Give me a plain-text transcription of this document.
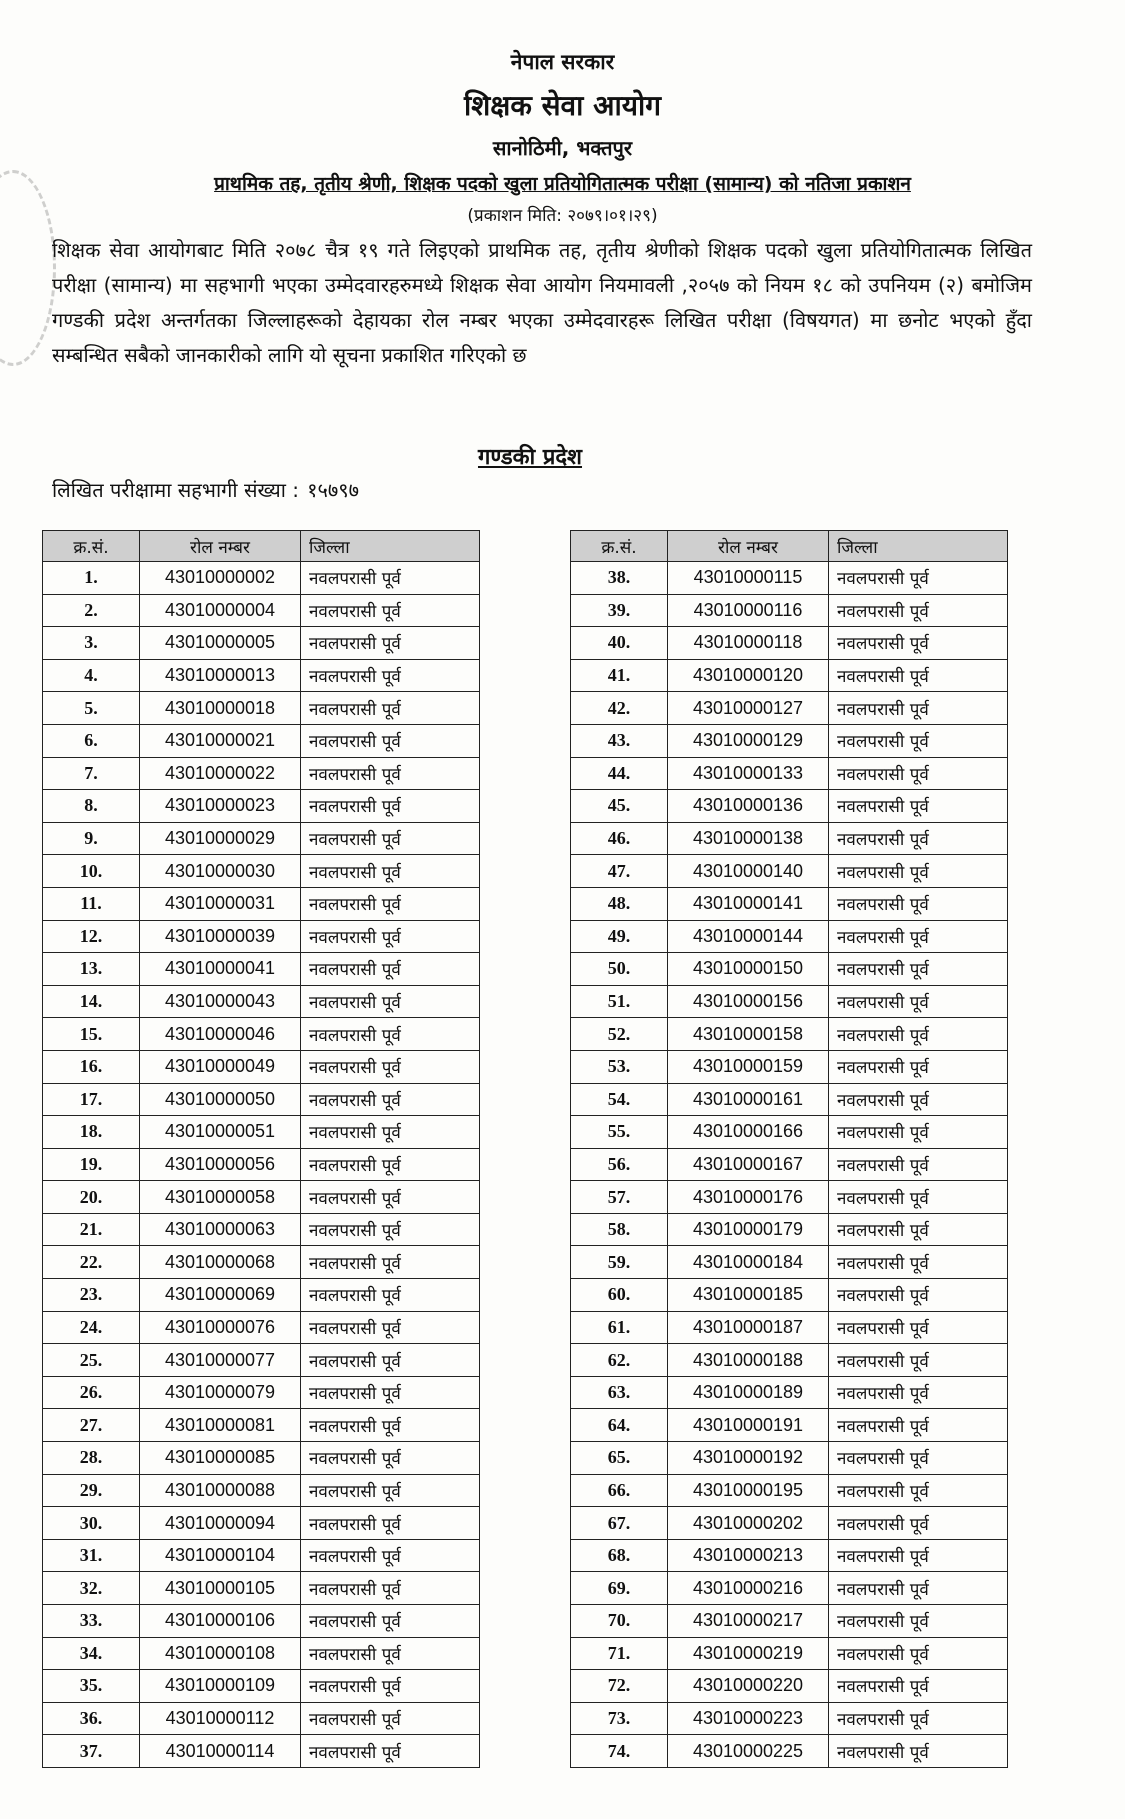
नेपाल सरकार
शिक्षक सेवा आयोग
सानोठिमी, भक्तपुर
प्राथमिक तह, तृतीय श्रेणी, शिक्षक पदको खुला प्रतियोगितात्मक परीक्षा (सामान्य) को नतिजा प्रकाशन
(प्रकाशन मिति: २०७९।०१।२९)
शिक्षक सेवा आयोगबाट मिति २०७८ चैत्र १९ गते लिइएको प्राथमिक तह, तृतीय श्रेणीको शिक्षक पदको खुला प्रतियोगितात्मक लिखित परीक्षा (सामान्य) मा सहभागी भएका उम्मेदवारहरुमध्ये शिक्षक सेवा आयोग नियमावली ,२०५७ को नियम १८ को उपनियम (२) बमोजिम गण्डकी प्रदेश अन्तर्गतका जिल्लाहरूको देहायका रोल नम्बर भएका उम्मेदवारहरू लिखित परीक्षा (विषयगत) मा छनोट भएको हुँदा सम्बन्धित सबैको जानकारीको लागि यो सूचना प्रकाशित गरिएको छ
गण्डकी प्रदेश
लिखित परीक्षामा सहभागी संख्या : १५७९७
क्र.सं.	रोल नम्बर	जिल्ला
1.	43010000002	नवलपरासी पूर्व
2.	43010000004	नवलपरासी पूर्व
3.	43010000005	नवलपरासी पूर्व
4.	43010000013	नवलपरासी पूर्व
5.	43010000018	नवलपरासी पूर्व
6.	43010000021	नवलपरासी पूर्व
7.	43010000022	नवलपरासी पूर्व
8.	43010000023	नवलपरासी पूर्व
9.	43010000029	नवलपरासी पूर्व
10.	43010000030	नवलपरासी पूर्व
11.	43010000031	नवलपरासी पूर्व
12.	43010000039	नवलपरासी पूर्व
13.	43010000041	नवलपरासी पूर्व
14.	43010000043	नवलपरासी पूर्व
15.	43010000046	नवलपरासी पूर्व
16.	43010000049	नवलपरासी पूर्व
17.	43010000050	नवलपरासी पूर्व
18.	43010000051	नवलपरासी पूर्व
19.	43010000056	नवलपरासी पूर्व
20.	43010000058	नवलपरासी पूर्व
21.	43010000063	नवलपरासी पूर्व
22.	43010000068	नवलपरासी पूर्व
23.	43010000069	नवलपरासी पूर्व
24.	43010000076	नवलपरासी पूर्व
25.	43010000077	नवलपरासी पूर्व
26.	43010000079	नवलपरासी पूर्व
27.	43010000081	नवलपरासी पूर्व
28.	43010000085	नवलपरासी पूर्व
29.	43010000088	नवलपरासी पूर्व
30.	43010000094	नवलपरासी पूर्व
31.	43010000104	नवलपरासी पूर्व
32.	43010000105	नवलपरासी पूर्व
33.	43010000106	नवलपरासी पूर्व
34.	43010000108	नवलपरासी पूर्व
35.	43010000109	नवलपरासी पूर्व
36.	43010000112	नवलपरासी पूर्व
37.	43010000114	नवलपरासी पूर्व
क्र.सं.	रोल नम्बर	जिल्ला
38.	43010000115	नवलपरासी पूर्व
39.	43010000116	नवलपरासी पूर्व
40.	43010000118	नवलपरासी पूर्व
41.	43010000120	नवलपरासी पूर्व
42.	43010000127	नवलपरासी पूर्व
43.	43010000129	नवलपरासी पूर्व
44.	43010000133	नवलपरासी पूर्व
45.	43010000136	नवलपरासी पूर्व
46.	43010000138	नवलपरासी पूर्व
47.	43010000140	नवलपरासी पूर्व
48.	43010000141	नवलपरासी पूर्व
49.	43010000144	नवलपरासी पूर्व
50.	43010000150	नवलपरासी पूर्व
51.	43010000156	नवलपरासी पूर्व
52.	43010000158	नवलपरासी पूर्व
53.	43010000159	नवलपरासी पूर्व
54.	43010000161	नवलपरासी पूर्व
55.	43010000166	नवलपरासी पूर्व
56.	43010000167	नवलपरासी पूर्व
57.	43010000176	नवलपरासी पूर्व
58.	43010000179	नवलपरासी पूर्व
59.	43010000184	नवलपरासी पूर्व
60.	43010000185	नवलपरासी पूर्व
61.	43010000187	नवलपरासी पूर्व
62.	43010000188	नवलपरासी पूर्व
63.	43010000189	नवलपरासी पूर्व
64.	43010000191	नवलपरासी पूर्व
65.	43010000192	नवलपरासी पूर्व
66.	43010000195	नवलपरासी पूर्व
67.	43010000202	नवलपरासी पूर्व
68.	43010000213	नवलपरासी पूर्व
69.	43010000216	नवलपरासी पूर्व
70.	43010000217	नवलपरासी पूर्व
71.	43010000219	नवलपरासी पूर्व
72.	43010000220	नवलपरासी पूर्व
73.	43010000223	नवलपरासी पूर्व
74.	43010000225	नवलपरासी पूर्व
